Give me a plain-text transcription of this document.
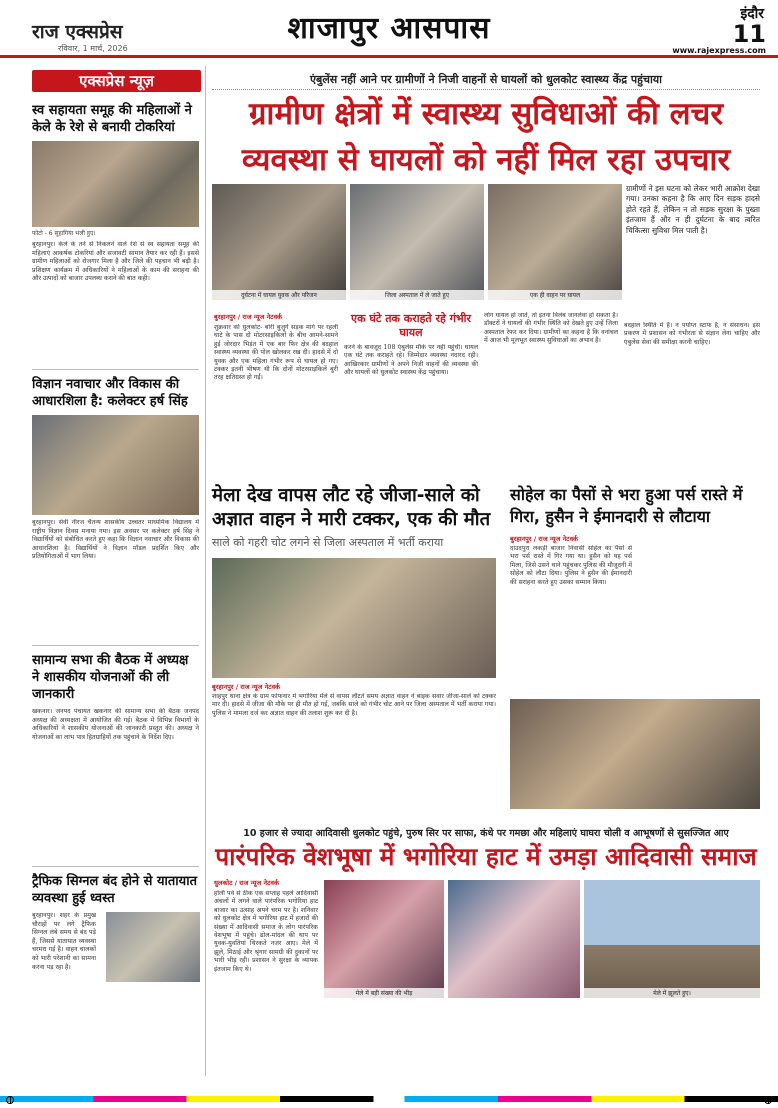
राज एक्सप्रेस
रविवार, 1 मार्च, 2026
शाजापुर आसपास	इंदौर
11
www.rajexpress.com
एक्सप्रेस न्यूज़
स्व सहायता समूह की महिलाओं ने केले के रेशे से बनायी टोकरियां
फोटो - 6 सुहागिया भली हुए।
बुरहानपुर। केले के तने से निकलने वाले रेशे से स्व सहायता समूह की महिलाएं आकर्षक टोकरियां और सजावटी सामान तैयार कर रही हैं। इससे ग्रामीण महिलाओं को रोजगार मिला है और जिले की पहचान भी बढ़ी है। प्रशिक्षण कार्यक्रम में अधिकारियों ने महिलाओं के काम की सराहना की और उत्पादों को बाजार उपलब्ध कराने की बात कही।
विज्ञान नवाचार और विकास की आधारशिला है: कलेक्टर हर्ष सिंह
बुरहानपुर। सेवी नीरज चैतन्य शासकीय उच्चतर माध्यमिक विद्यालय में राष्ट्रीय विज्ञान दिवस मनाया गया। इस अवसर पर कलेक्टर हर्ष सिंह ने विद्यार्थियों को संबोधित करते हुए कहा कि विज्ञान नवाचार और विकास की आधारशिला है। विद्यार्थियों ने विज्ञान मॉडल प्रदर्शित किए और प्रतियोगिताओं में भाग लिया।
सामान्य सभा की बैठक में अध्यक्ष ने शासकीय योजनाओं की ली जानकारी
खकनार। जनपद पंचायत खकनार की सामान्य सभा की बैठक जनपद अध्यक्ष की अध्यक्षता में आयोजित की गई। बैठक में विभिन्न विभागों के अधिकारियों ने शासकीय योजनाओं की जानकारी प्रस्तुत की। अध्यक्ष ने योजनाओं का लाभ पात्र हितग्राहियों तक पहुंचाने के निर्देश दिए।
ट्रैफिक सिग्नल बंद होने से यातायात व्यवस्था हुई ध्वस्त
बुरहानपुर। शहर के प्रमुख चौराहों पर लगे ट्रैफिक सिग्नल लंबे समय से बंद पड़े हैं, जिससे यातायात व्यवस्था चरमरा गई है। वाहन चालकों को भारी परेशानी का सामना करना पड़ रहा है।
एंबुलेंस नहीं आने पर ग्रामीणों ने निजी वाहनों से घायलों को धुलकोट स्वास्थ्य केंद्र पहुंचाया
ग्रामीण क्षेत्रों में स्वास्थ्य सुविधाओं की लचर
व्यवस्था से घायलों को नहीं मिल रहा उपचार
दुर्घटना में घायल युवक और परिजन	जिला अस्पताल में ले जाते हुए	एक ही वाहन पर घायल
ग्रामीणों ने इस घटना को लेकर भारी आक्रोश देखा गया। उनका कहना है कि आए दिन सड़क हादसे होते रहते हैं, लेकिन न तो सड़क सुरक्षा के पुख्ता इंतजाम हैं और न ही दुर्घटना के बाद त्वरित चिकित्सा सुविधा मिल पाती है।
बुरहानपुर / राज न्यूज नेटवर्क
शुक्रवार को धुलकोट- बोरी बुजुर्ग सड़क मार्ग पर रहली घाटे के पास दो मोटरसाइकिलों के बीच आमने-सामने हुई जोरदार भिड़ंत में एक बार फिर क्षेत्र की बदहाल स्वास्थ्य व्यवस्था की पोल खोलकर रख दी। हादसे में दो युवक और एक महिला गंभीर रूप से घायल हो गए। टक्कर इतनी भीषण थी कि दोनों मोटरसाइकिलें बुरी तरह क्षतिग्रस्त हो गईं।
एक घंटे तक कराहते रहे गंभीर घायल
करने के बावजूद 108 एंबुलेंस मौके पर नहीं पहुंची। घायल एक घंटे तक कराहते रहे। जिम्मेदार व्यवस्था नदारद रही। आखिरकार ग्रामीणों ने अपने निजी वाहनों की व्यवस्था की और घायलों को धुलकोट स्वास्थ्य केंद्र पहुंचाया।
लोग घायल हो जाते, तो इतना विलंब जानलेवा हो सकता है। डॉक्टरों ने घायलों की गंभीर स्थिति को देखते हुए उन्हें जिला अस्पताल रेफर कर दिया। ग्रामीणों का कहना है कि वनांचल में आज भी मूलभूत स्वास्थ्य सुविधाओं का अभाव है।
बदहाल स्थिति में हैं। न पर्याप्त स्टाफ है, न संसाधन। इस प्रकरण में प्रशासन को गंभीरता से संज्ञान लेना चाहिए और एंबुलेंस सेवा की समीक्षा करनी चाहिए।
मेला देख वापस लौट रहे जीजा-साले को अज्ञात वाहन ने मारी टक्कर, एक की मौत
साले को गहरी चोट लगने से जिला अस्पताल में भर्ती कराया
बुरहानपुर / राज न्यूज नेटवर्क
शाहपुर थाना क्षेत्र के ग्राम फोफनार में भगोरिया मेले से वापस लौटते समय अज्ञात वाहन ने बाइक सवार जीजा-साले को टक्कर मार दी। हादसे में जीजा की मौके पर ही मौत हो गई, जबकि साले को गंभीर चोट आने पर जिला अस्पताल में भर्ती कराया गया। पुलिस ने मामला दर्ज कर अज्ञात वाहन की तलाश शुरू कर दी है।
सोहेल का पैसों से भरा हुआ पर्स रास्ते में गिरा, हुसैन ने ईमानदारी से लौटाया
बुरहानपुर / राज न्यूज नेटवर्क
दाउदपुरा लकड़ी बाजार निवासी सोहेल का पैसों से भरा पर्स रास्ते में गिर गया था। हुसैन को यह पर्स मिला, जिसे उसने थाने पहुंचकर पुलिस की मौजूदगी में सोहेल को लौटा दिया। पुलिस ने हुसैन की ईमानदारी की सराहना करते हुए उसका सम्मान किया।
10 हजार से ज्यादा आदिवासी धुलकोट पहुंचे, पुरुष सिर पर साफा, कंधे पर गमछा और महिलाएं घाघरा चोली व आभूषणों से सुसज्जित आए
पारंपरिक वेशभूषा में भगोरिया हाट में उमड़ा आदिवासी समाज
धुलकोट / राज न्यूज नेटवर्क
होली पर्व से ठीक एक सप्ताह पहले आदिवासी अंचलों में लगने वाले पारंपरिक भगोरिया हाट बाजार का उत्साह अपने चरम पर है। शनिवार को धुलकोट क्षेत्र में भगोरिया हाट में हजारों की संख्या में आदिवासी समाज के लोग पारंपरिक वेशभूषा में पहुंचे। ढोल-मांदल की थाप पर युवक-युवतियां थिरकते नजर आए। मेले में झूले, मिठाई और श्रृंगार सामग्री की दुकानों पर भारी भीड़ रही। प्रशासन ने सुरक्षा के व्यापक इंतजाम किए थे।
मेले में बड़ी संख्या की भीड़	मेले में झूलते हुए।
